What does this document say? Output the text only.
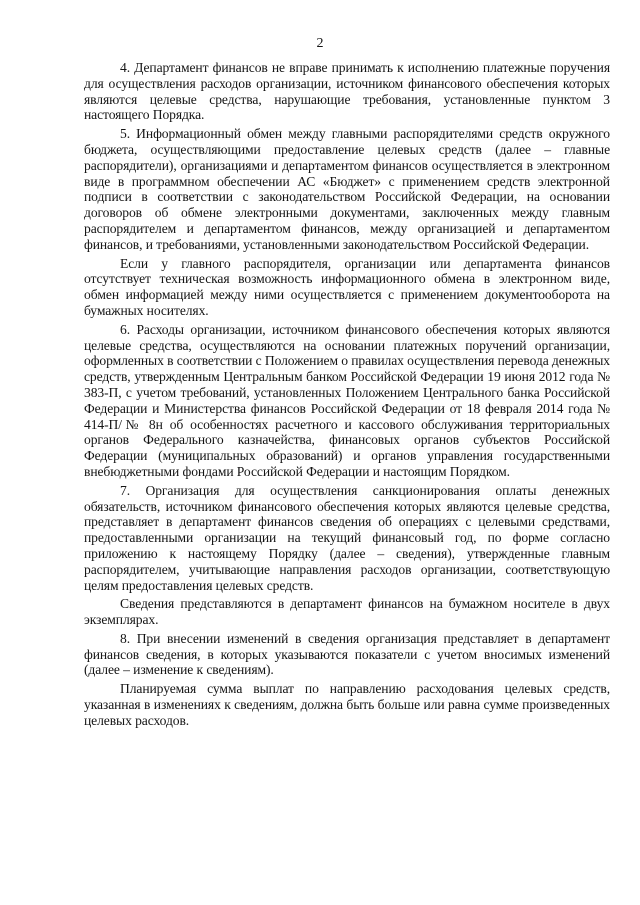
2

4. Департамент финансов не вправе принимать к исполнению платежные поручения для осуществления расходов организации, источником финансового обеспечения которых являются целевые средства, нарушающие требования, установленные пунктом 3 настоящего Порядка.

5. Информационный обмен между главными распорядителями средств окружного бюджета, осуществляющими предоставление целевых средств (далее – главные распорядители), организациями и департаментом финансов осуществляется в электронном виде в программном обеспечении АС «Бюджет» с применением средств электронной подписи в соответствии с законодательством Российской Федерации, на основании договоров об обмене электронными документами, заключенных между главным распорядителем и департаментом финансов, между организацией и департаментом финансов, и требованиями, установленными законодательством Российской Федерации.

Если у главного распорядителя, организации или департамента финансов отсутствует техническая возможность информационного обмена в электронном виде, обмен информацией между ними осуществляется с применением документооборота на бумажных носителях.

6. Расходы организации, источником финансового обеспечения которых являются целевые средства, осуществляются на основании платежных поручений организации, оформленных в соответствии с Положением о правилах осуществления перевода денежных средств, утвержденным Центральным банком Российской Федерации 19 июня 2012 года № 383-П, с учетом требований, установленных Положением Центрального банка Российской Федерации и Министерства финансов Российской Федерации от 18 февраля 2014 года № 414-П/№ 8н об особенностях расчетного и кассового обслуживания территориальных органов Федерального казначейства, финансовых органов субъектов Российской Федерации (муниципальных образований) и органов управления государственными внебюджетными фондами Российской Федерации и настоящим Порядком.

7. Организация для осуществления санкционирования оплаты денежных обязательств, источником финансового обеспечения которых являются целевые средства, представляет в департамент финансов сведения об операциях с целевыми средствами, предоставленными организации на текущий финансовый год, по форме согласно приложению к настоящему Порядку (далее – сведения), утвержденные главным распорядителем, учитывающие направления расходов организации, соответствующую целям предоставления целевых средств.

Сведения представляются в департамент финансов на бумажном носителе в двух экземплярах.

8. При внесении изменений в сведения организация представляет в департамент финансов сведения, в которых указываются показатели с учетом вносимых изменений (далее – изменение к сведениям).

Планируемая сумма выплат по направлению расходования целевых средств, указанная в изменениях к сведениям, должна быть больше или равна сумме произведенных целевых расходов.
